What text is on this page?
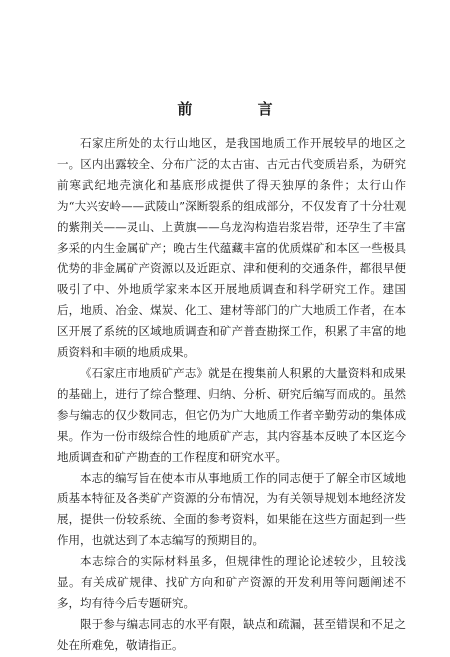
前 言

石家庄所处的太行山地区，是我国地质工作开展较早的地区之一。区内出露较全、分布广泛的太古宙、古元古代变质岩系，为研究前寒武纪地壳演化和基底形成提供了得天独厚的条件；太行山作为“大兴安岭——武陵山”深断裂系的组成部分，不仅发育了十分壮观的紫荆关——灵山、上黄旗——乌龙沟构造岩浆岩带，还孕生了丰富多采的内生金属矿产；晚古生代蕴藏丰富的优质煤矿和本区一些极具优势的非金属矿产资源以及近距京、津和便利的交通条件，都很早便吸引了中、外地质学家来本区开展地质调查和科学研究工作。建国后，地质、冶金、煤炭、化工、建材等部门的广大地质工作者，在本区开展了系统的区域地质调查和矿产普查勘探工作，积累了丰富的地质资料和丰硕的地质成果。

《石家庄市地质矿产志》就是在搜集前人积累的大量资料和成果的基础上，进行了综合整理、归纳、分析、研究后编写而成的。虽然参与编志的仅少数同志，但它仍为广大地质工作者辛勤劳动的集体成果。作为一份市级综合性的地质矿产志，其内容基本反映了本区迄今地质调查和矿产勘查的工作程度和研究水平。

本志的编写旨在使本市从事地质工作的同志便于了解全市区域地质基本特征及各类矿产资源的分布情况，为有关领导规划本地经济发展，提供一份较系统、全面的参考资料，如果能在这些方面起到一些作用，也就达到了本志编写的预期目的。

本志综合的实际材料虽多，但规律性的理论论述较少，且较浅显。有关成矿规律、找矿方向和矿产资源的开发利用等问题阐述不多，均有待今后专题研究。

限于参与编志同志的水平有限，缺点和疏漏，甚至错误和不足之处在所难免，敬请指正。
